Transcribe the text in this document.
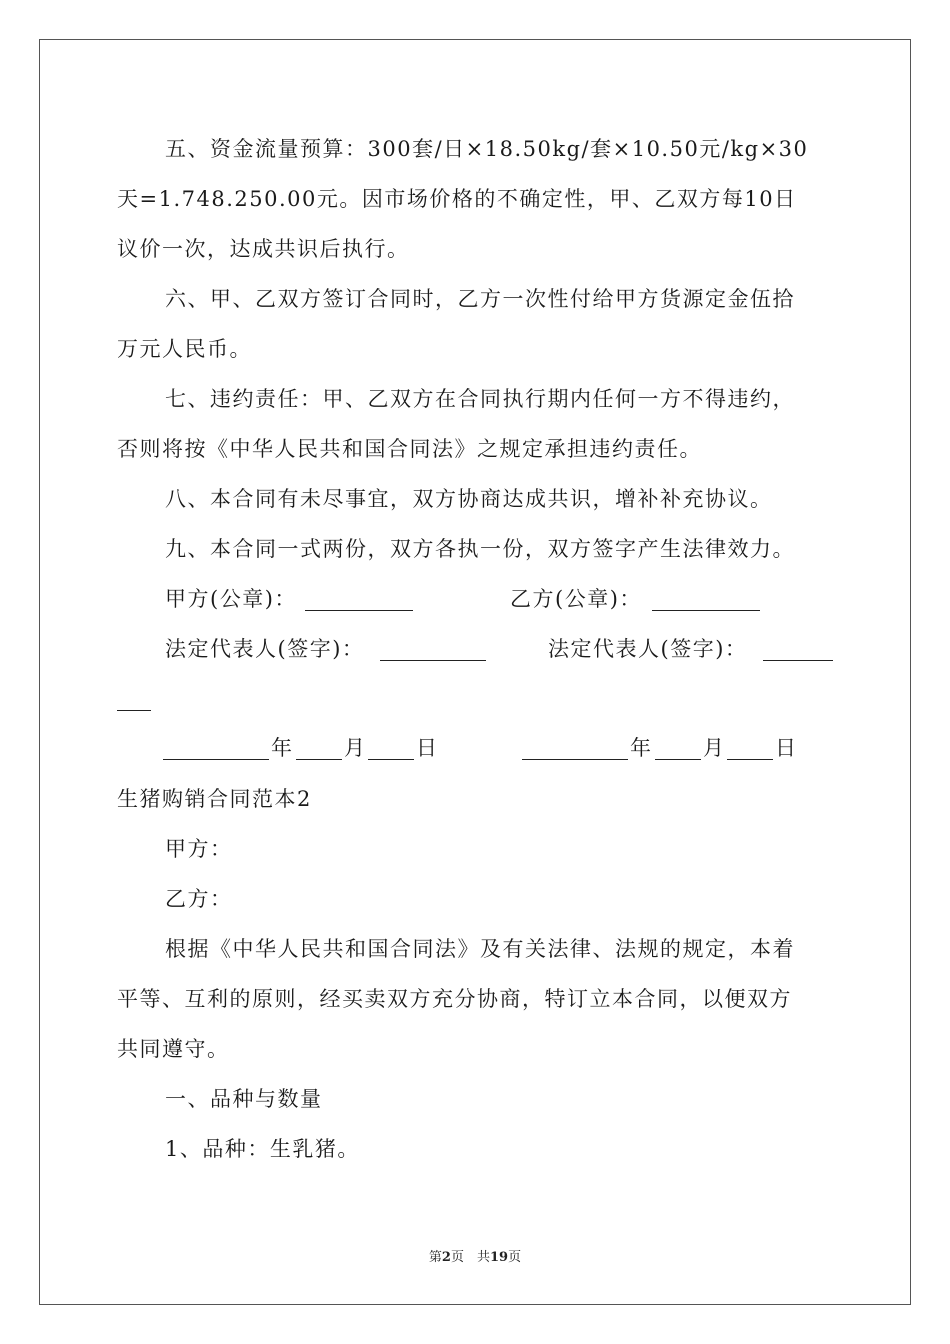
五、资金流量预算：300套/日×18.50kg/套×10.50元/kg×30
天=1.748.250.00元。因市场价格的不确定性，甲、乙双方每10日
议价一次，达成共识后执行。
六、甲、乙双方签订合同时，乙方一次性付给甲方货源定金伍拾
万元人民币。
七、违约责任：甲、乙双方在合同执行期内任何一方不得违约，
否则将按《中华人民共和国合同法》之规定承担违约责任。
八、本合同有未尽事宜，双方协商达成共识，增补补充协议。
九、本合同一式两份，双方各执一份，双方签字产生法律效力。
甲方(公章)：	乙方(公章)：
法定代表人(签字)：	法定代表人(签字)：
年 月 日	年 月 日
生猪购销合同范本2
甲方：
乙方：
根据《中华人民共和国合同法》及有关法律、法规的规定，本着
平等、互利的原则，经买卖双方充分协商，特订立本合同，以便双方
共同遵守。
一、品种与数量
1、品种：生乳猪。
第2页　共19页
